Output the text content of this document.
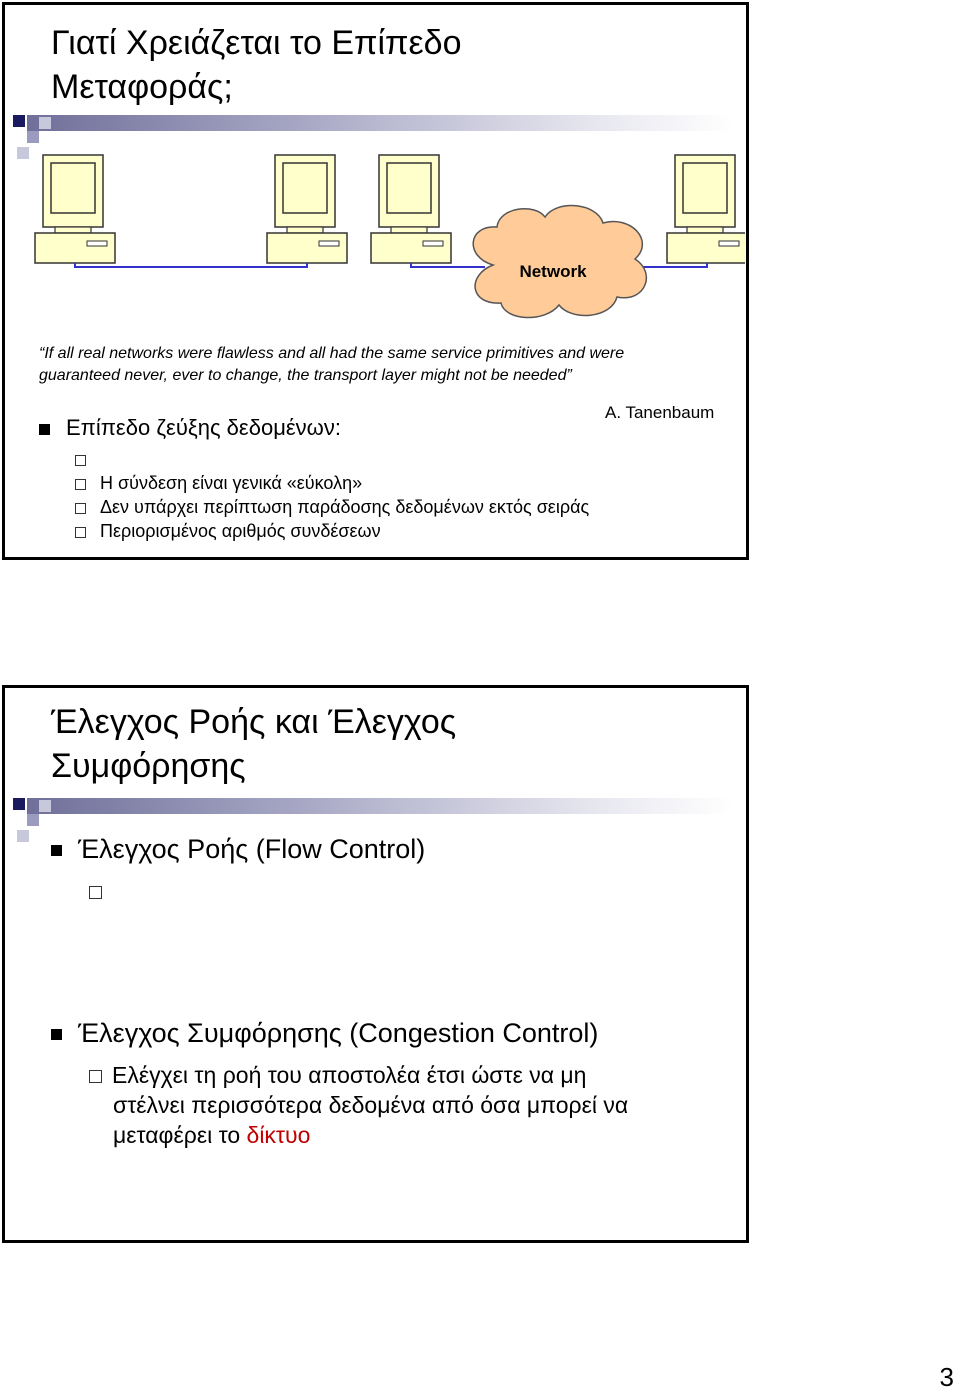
Γιατί Χρειάζεται το Επίπεδο
Μεταφοράς;
Network
“If all real networks were flawless and all had the same service primitives and were
guaranteed never, ever to change, the transport layer might not be needed”
A. Tanenbaum
Επίπεδο ζεύξης δεδομένων:
Η σύνδεση είναι γενικά «εύκολη»
Δεν υπάρχει περίπτωση παράδοσης δεδομένων εκτός σειράς
Περιορισμένος αριθμός συνδέσεων
Έλεγχος Ροής και Έλεγχος
Συμφόρησης
Έλεγχος Ροής (Flow Control)
Έλεγχος Συμφόρησης (Congestion Control)
Ελέγχει τη ροή του αποστολέα έτσι ώστε να μη
στέλνει περισσότερα δεδομένα από όσα μπορεί να
μεταφέρει το δίκτυο
3
